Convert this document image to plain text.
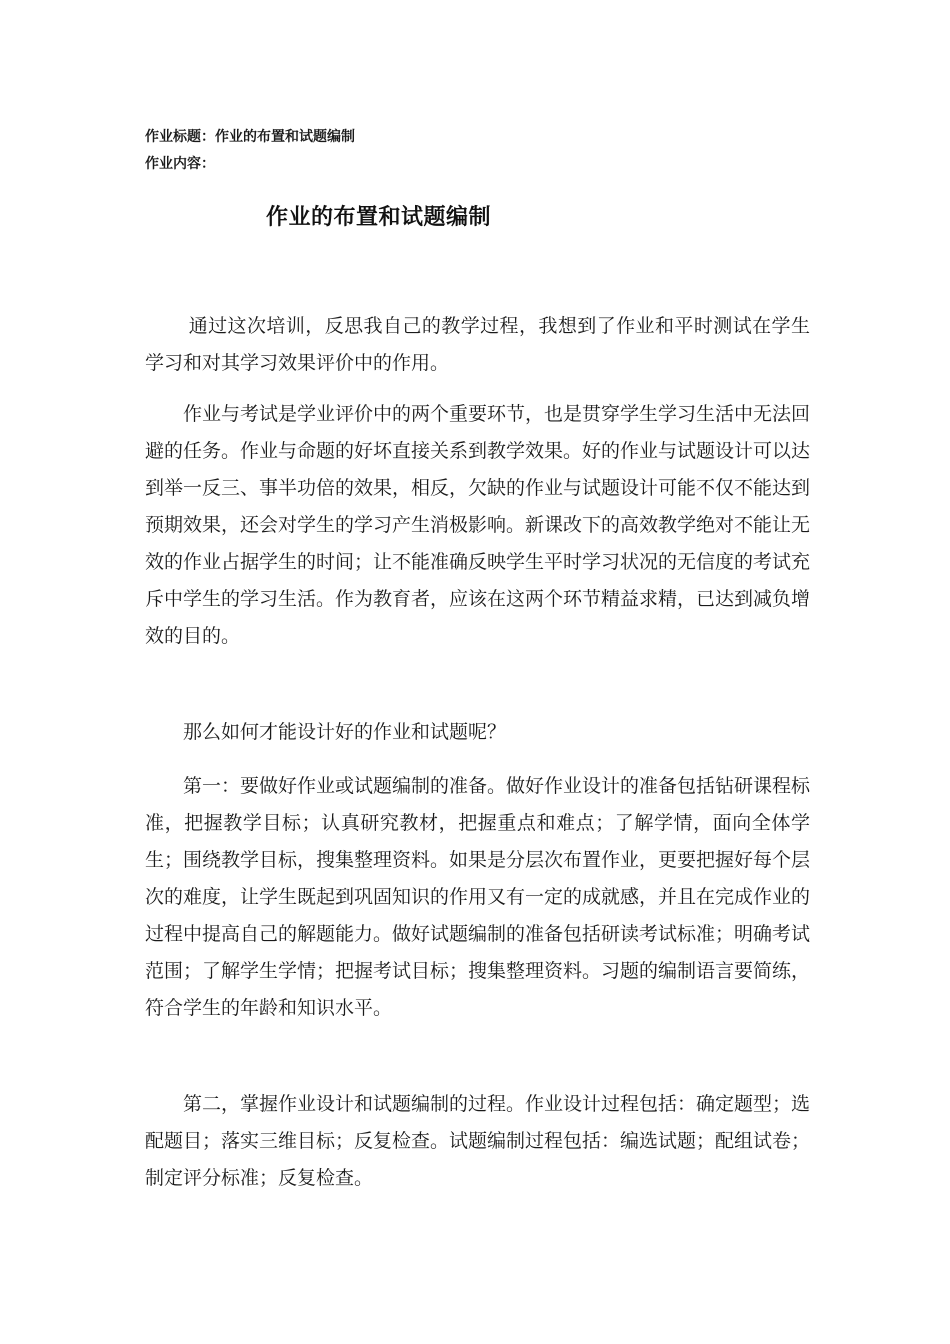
作业标题：作业的布置和试题编制
作业内容：
作业的布置和试题编制

通过这次培训，反思我自己的教学过程，我想到了作业和平时测试在学生学习和对其学习效果评价中的作用。

作业与考试是学业评价中的两个重要环节，也是贯穿学生学习生活中无法回避的任务。作业与命题的好坏直接关系到教学效果。好的作业与试题设计可以达到举一反三、事半功倍的效果，相反，欠缺的作业与试题设计可能不仅不能达到预期效果，还会对学生的学习产生消极影响。新课改下的高效教学绝对不能让无效的作业占据学生的时间；让不能准确反映学生平时学习状况的无信度的考试充斥中学生的学习生活。作为教育者，应该在这两个环节精益求精，已达到减负增效的目的。

那么如何才能设计好的作业和试题呢？

第一：要做好作业或试题编制的准备。做好作业设计的准备包括钻研课程标准，把握教学目标；认真研究教材，把握重点和难点；了解学情，面向全体学生；围绕教学目标，搜集整理资料。如果是分层次布置作业，更要把握好每个层次的难度，让学生既起到巩固知识的作用又有一定的成就感，并且在完成作业的过程中提高自己的解题能力。做好试题编制的准备包括研读考试标准；明确考试范围；了解学生学情；把握考试目标；搜集整理资料。习题的编制语言要简练，符合学生的年龄和知识水平。

第二，掌握作业设计和试题编制的过程。作业设计过程包括：确定题型；选配题目；落实三维目标；反复检查。试题编制过程包括：编选试题；配组试卷；制定评分标准；反复检查。
